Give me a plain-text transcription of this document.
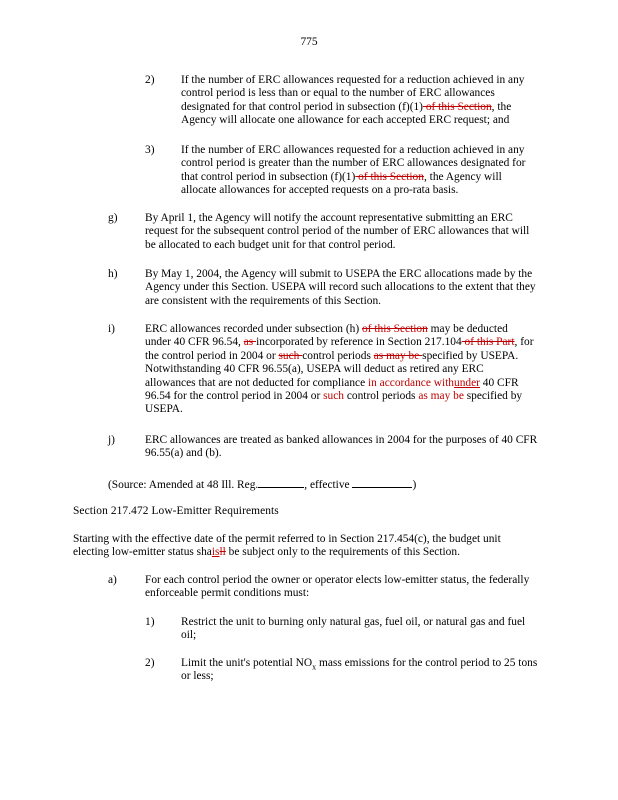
775
2)	If the number of ERC allowances requested for a reduction achieved in any control period is less than or equal to the number of ERC allowances designated for that control period in subsection (f)(1) of this Section, the Agency will allocate one allowance for each accepted ERC request; and
3)	If the number of ERC allowances requested for a reduction achieved in any control period is greater than the number of ERC allowances designated for that control period in subsection (f)(1) of this Section, the Agency will allocate allowances for accepted requests on a pro-rata basis.
g)	By April 1, the Agency will notify the account representative submitting an ERC request for the subsequent control period of the number of ERC allowances that will be allocated to each budget unit for that control period.
h)	By May 1, 2004, the Agency will submit to USEPA the ERC allocations made by the Agency under this Section. USEPA will record such allocations to the extent that they are consistent with the requirements of this Section.
i)	ERC allowances recorded under subsection (h) of this Section may be deducted under 40 CFR 96.54, as incorporated by reference in Section 217.104 of this Part, for the control period in 2004 or such control periods as may be specified by USEPA. Notwithstanding 40 CFR 96.55(a), USEPA will deduct as retired any ERC allowances that are not deducted for compliance in accordance withunder 40 CFR 96.54 for the control period in 2004 or such control periods as may be specified by USEPA.
j)	ERC allowances are treated as banked allowances in 2004 for the purposes of 40 CFR 96.55(a) and (b).
(Source: Amended at 48 Ill. Reg.	, effective	)
Section 217.472 Low-Emitter Requirements
Starting with the effective date of the permit referred to in Section 217.454(c), the budget unit electing low-emitter status shaisll be subject only to the requirements of this Section.
a)	For each control period the owner or operator elects low-emitter status, the federally enforceable permit conditions must:
1)	Restrict the unit to burning only natural gas, fuel oil, or natural gas and fuel oil;
2)	Limit the unit's potential $NO_x$ mass emissions for the control period to 25 tons or less;
